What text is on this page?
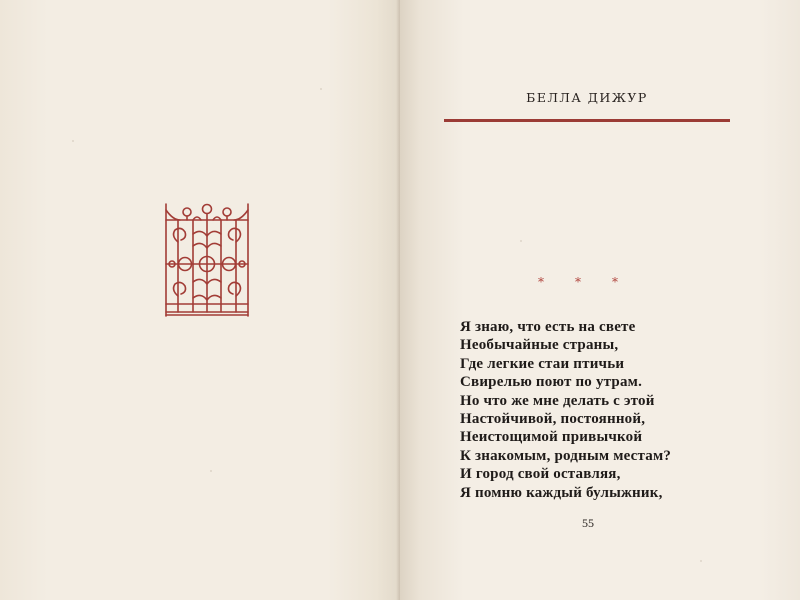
БЕЛЛА ДИЖУР
*	*	*
Я знаю, что есть на свете
Необычайные страны,
Где легкие стаи птичьи
Свирелью поют по утрам.
Но что же мне делать с этой
Настойчивой, постоянной,
Неистощимой привычкой
К знакомым, родным местам?
И город свой оставляя,
Я помню каждый булыжник,
55
